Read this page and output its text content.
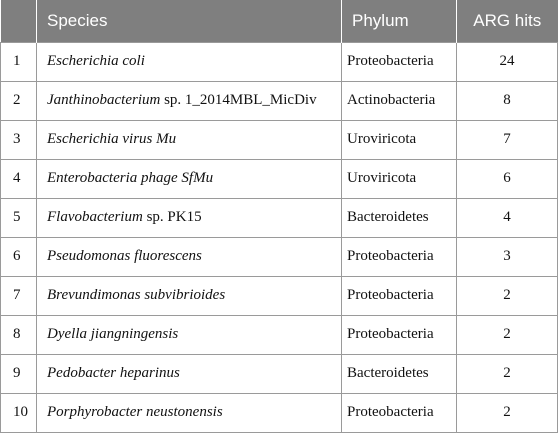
	Species	Phylum	ARG hits
1	Escherichia coli	Proteobacteria	24
2	Janthinobacterium sp. 1_2014MBL_MicDiv	Actinobacteria	8
3	Escherichia virus Mu	Uroviricota	7
4	Enterobacteria phage SfMu	Uroviricota	6
5	Flavobacterium sp. PK15	Bacteroidetes	4
6	Pseudomonas fluorescens	Proteobacteria	3
7	Brevundimonas subvibrioides	Proteobacteria	2
8	Dyella jiangningensis	Proteobacteria	2
9	Pedobacter heparinus	Bacteroidetes	2
10	Porphyrobacter neustonensis	Proteobacteria	2
